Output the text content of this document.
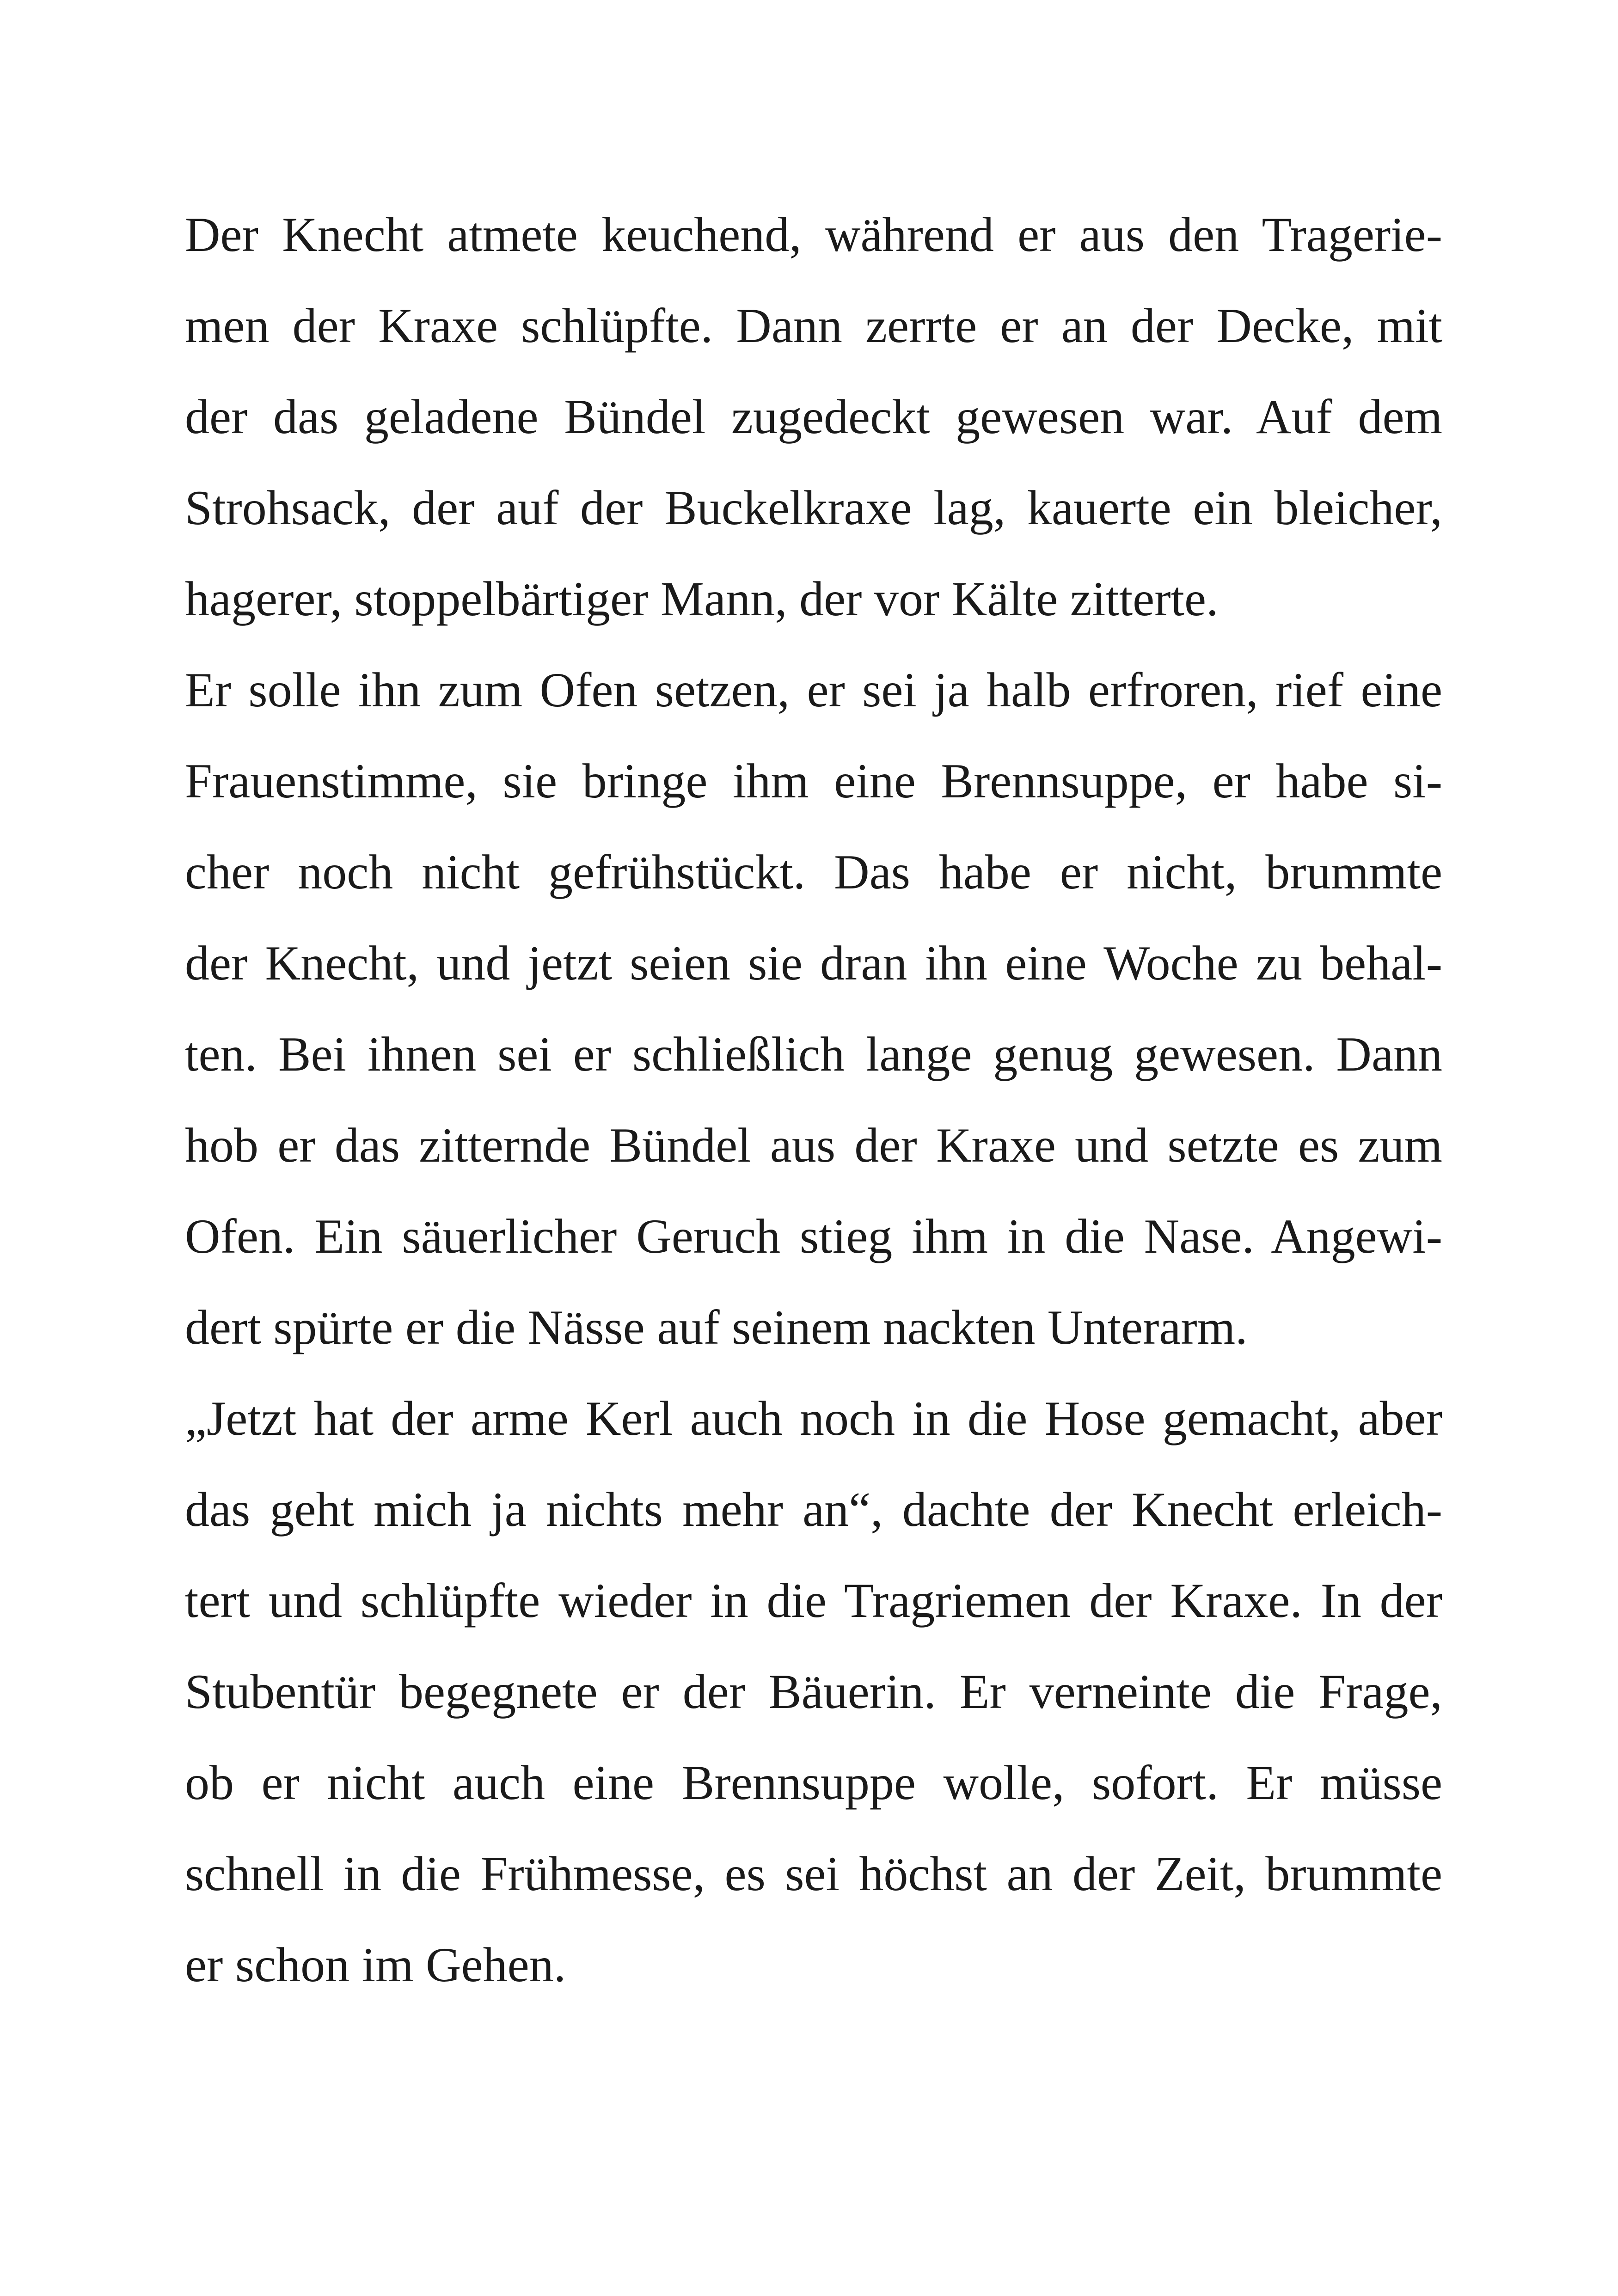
Der Knecht atmete keuchend, während er aus den Tragerie-
men der Kraxe schlüpfte. Dann zerrte er an der Decke, mit
der das geladene Bündel zugedeckt gewesen war. Auf dem
Strohsack, der auf der Buckelkraxe lag, kauerte ein bleicher,
hagerer, stoppelbärtiger Mann, der vor Kälte zitterte.
Er solle ihn zum Ofen setzen, er sei ja halb erfroren, rief eine
Frauenstimme, sie bringe ihm eine Brennsuppe, er habe si-
cher noch nicht gefrühstückt. Das habe er nicht, brummte
der Knecht, und jetzt seien sie dran ihn eine Woche zu behal-
ten. Bei ihnen sei er schließlich lange genug gewesen. Dann
hob er das zitternde Bündel aus der Kraxe und setzte es zum
Ofen. Ein säuerlicher Geruch stieg ihm in die Nase. Angewi-
dert spürte er die Nässe auf seinem nackten Unterarm.
„Jetzt hat der arme Kerl auch noch in die Hose gemacht, aber
das geht mich ja nichts mehr an“, dachte der Knecht erleich-
tert und schlüpfte wieder in die Tragriemen der Kraxe. In der
Stubentür begegnete er der Bäuerin. Er verneinte die Frage,
ob er nicht auch eine Brennsuppe wolle, sofort. Er müsse
schnell in die Frühmesse, es sei höchst an der Zeit, brummte
er schon im Gehen.
